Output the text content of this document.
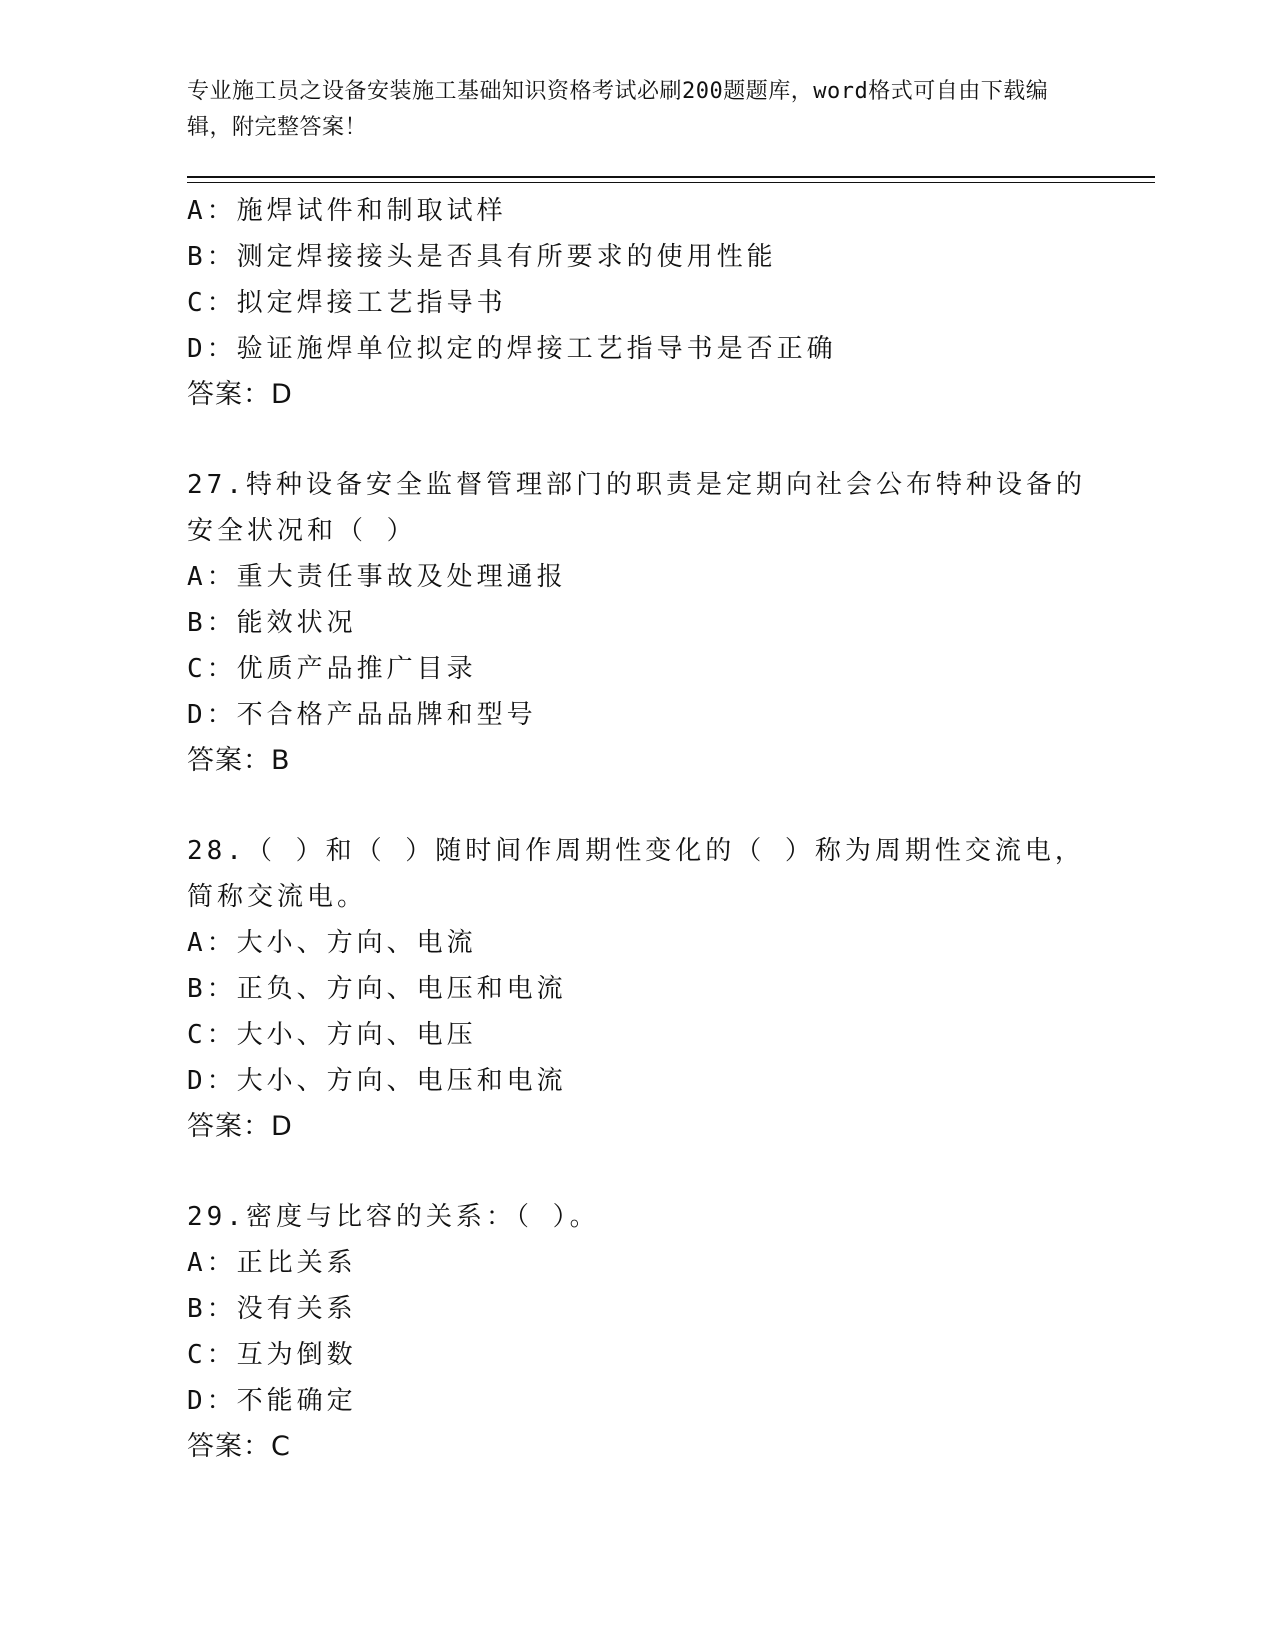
专业施工员之设备安装施工基础知识资格考试必刷200题题库，word格式可自由下载编辑，附完整答案！
A：施焊试件和制取试样
B：测定焊接接头是否具有所要求的使用性能
C：拟定焊接工艺指导书
D：验证施焊单位拟定的焊接工艺指导书是否正确
答案：D
27.特种设备安全监督管理部门的职责是定期向社会公布特种设备的安全状况和（ ）
A：重大责任事故及处理通报
B：能效状况
C：优质产品推广目录
D：不合格产品品牌和型号
答案：B
28.（ ）和（ ）随时间作周期性变化的（ ）称为周期性交流电，简称交流电。
A：大小、方向、电流
B：正负、方向、电压和电流
C：大小、方向、电压
D：大小、方向、电压和电流
答案：D
29.密度与比容的关系：（ ）。
A：正比关系
B：没有关系
C：互为倒数
D：不能确定
答案：C
